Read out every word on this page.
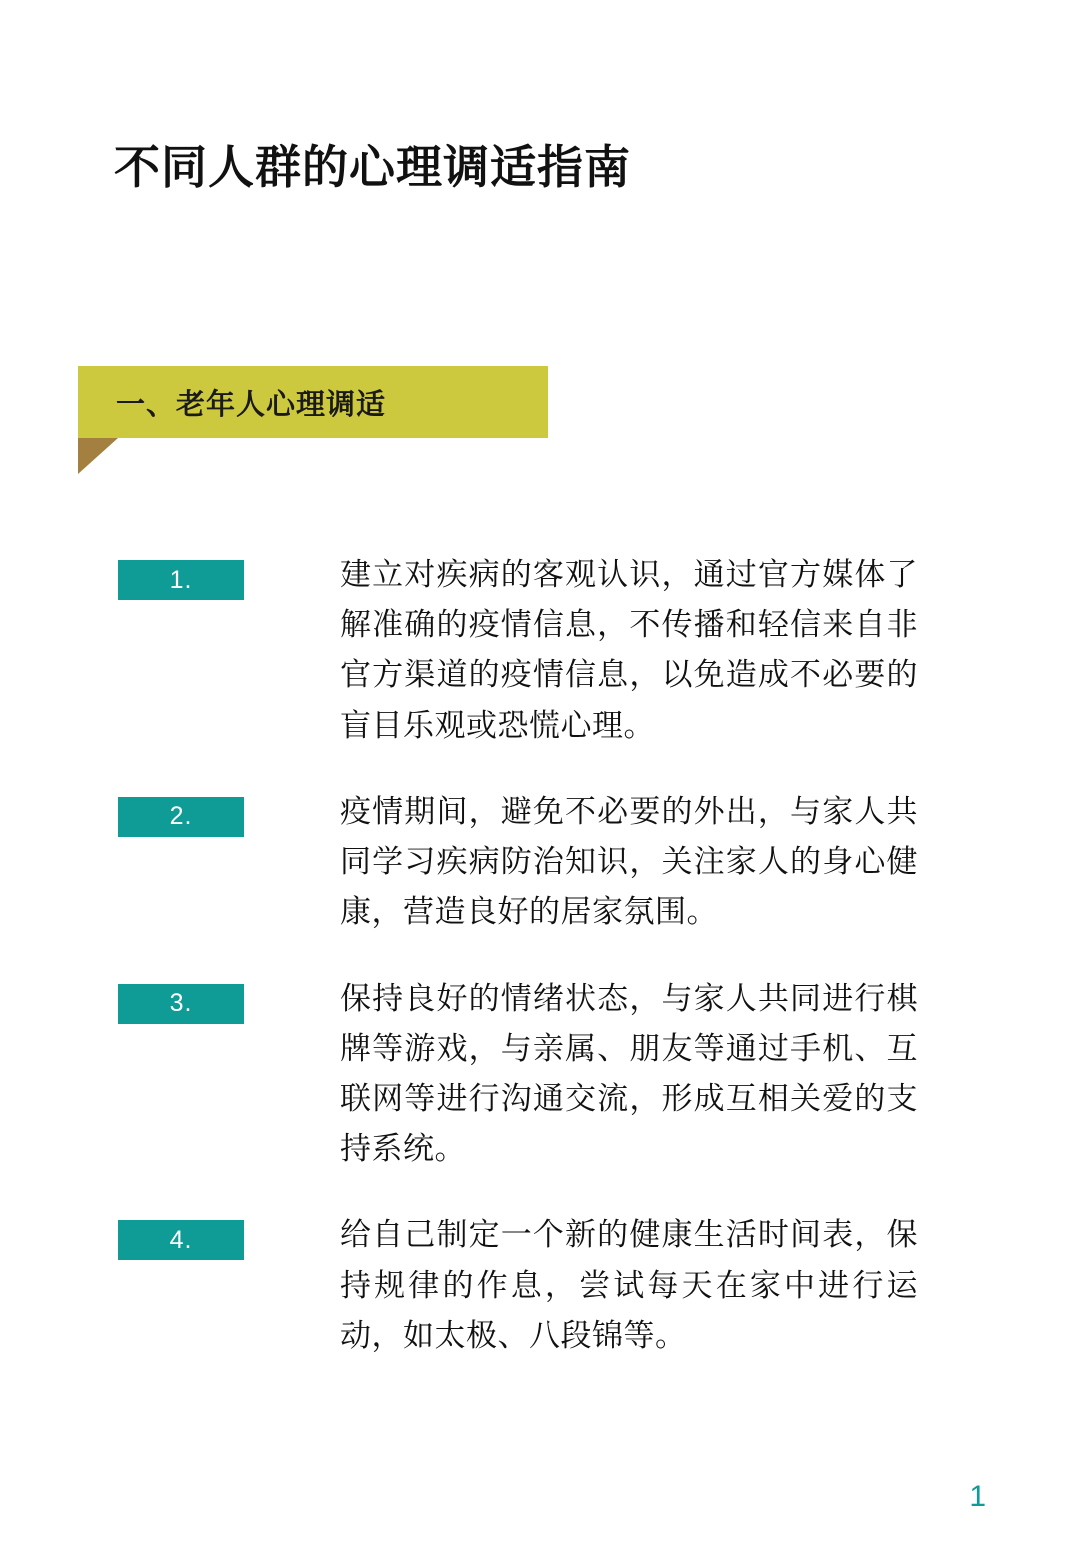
不同人群的心理调适指南
一、老年人心理调适
1.	建立对疾病的客观认识，通过官方媒体了解准确的疫情信息，不传播和轻信来自非官方渠道的疫情信息，以免造成不必要的盲目乐观或恐慌心理。
2.	疫情期间，避免不必要的外出，与家人共同学习疾病防治知识，关注家人的身心健康，营造良好的居家氛围。
3.	保持良好的情绪状态，与家人共同进行棋牌等游戏，与亲属、朋友等通过手机、互联网等进行沟通交流，形成互相关爱的支持系统。
4.	给自己制定一个新的健康生活时间表，保持规律的作息，尝试每天在家中进行运动，如太极、八段锦等。
1
